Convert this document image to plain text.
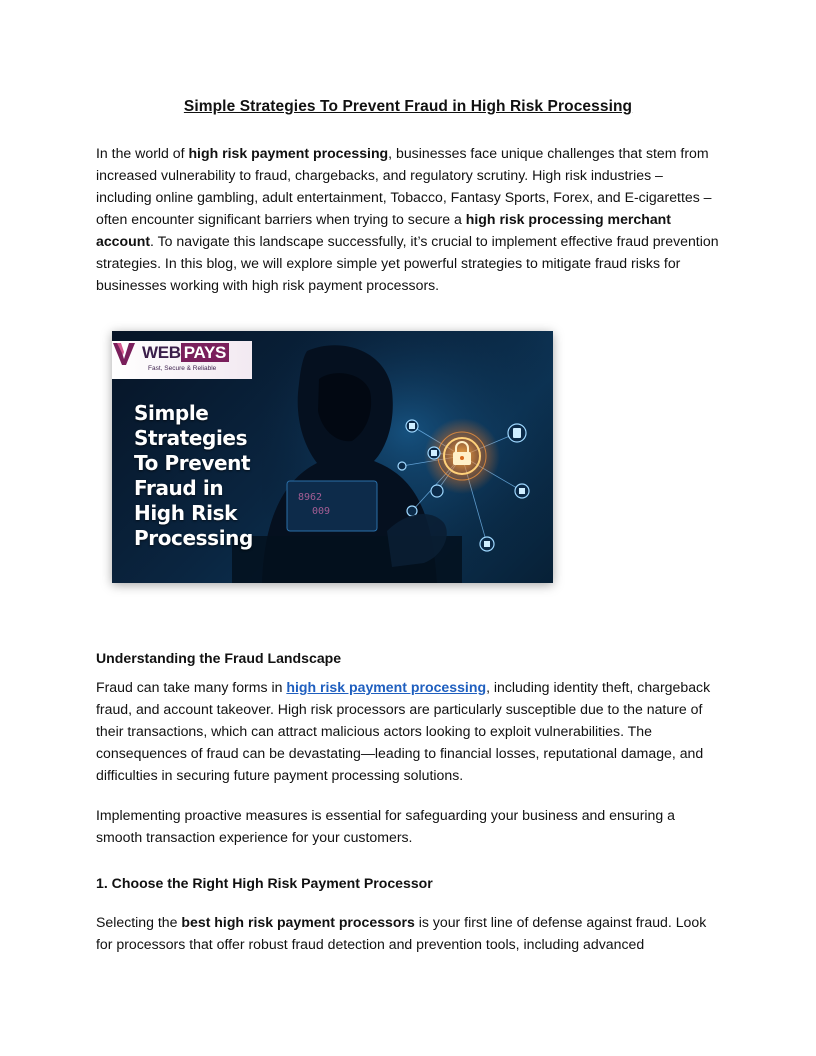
Simple Strategies To Prevent Fraud in High Risk Processing

In the world of high risk payment processing, businesses face unique challenges that stem from increased vulnerability to fraud, chargebacks, and regulatory scrutiny. High risk industries – including online gambling, adult entertainment, Tobacco, Fantasy Sports, Forex, and E-cigarettes – often encounter significant barriers when trying to secure a high risk processing merchant account. To navigate this landscape successfully, it’s crucial to implement effective fraud prevention strategies. In this blog, we will explore simple yet powerful strategies to mitigate fraud risks for businesses working with high risk payment processors.

8962
009
WEB PAYS
Fast, Secure & Reliable
Simple
Strategies
To Prevent
Fraud in
High Risk
Processing

Understanding the Fraud Landscape

Fraud can take many forms in high risk payment processing, including identity theft, chargeback fraud, and account takeover. High risk processors are particularly susceptible due to the nature of their transactions, which can attract malicious actors looking to exploit vulnerabilities. The consequences of fraud can be devastating—leading to financial losses, reputational damage, and difficulties in securing future payment processing solutions.

Implementing proactive measures is essential for safeguarding your business and ensuring a smooth transaction experience for your customers.

1. Choose the Right High Risk Payment Processor

Selecting the best high risk payment processors is your first line of defense against fraud. Look for processors that offer robust fraud detection and prevention tools, including advanced
